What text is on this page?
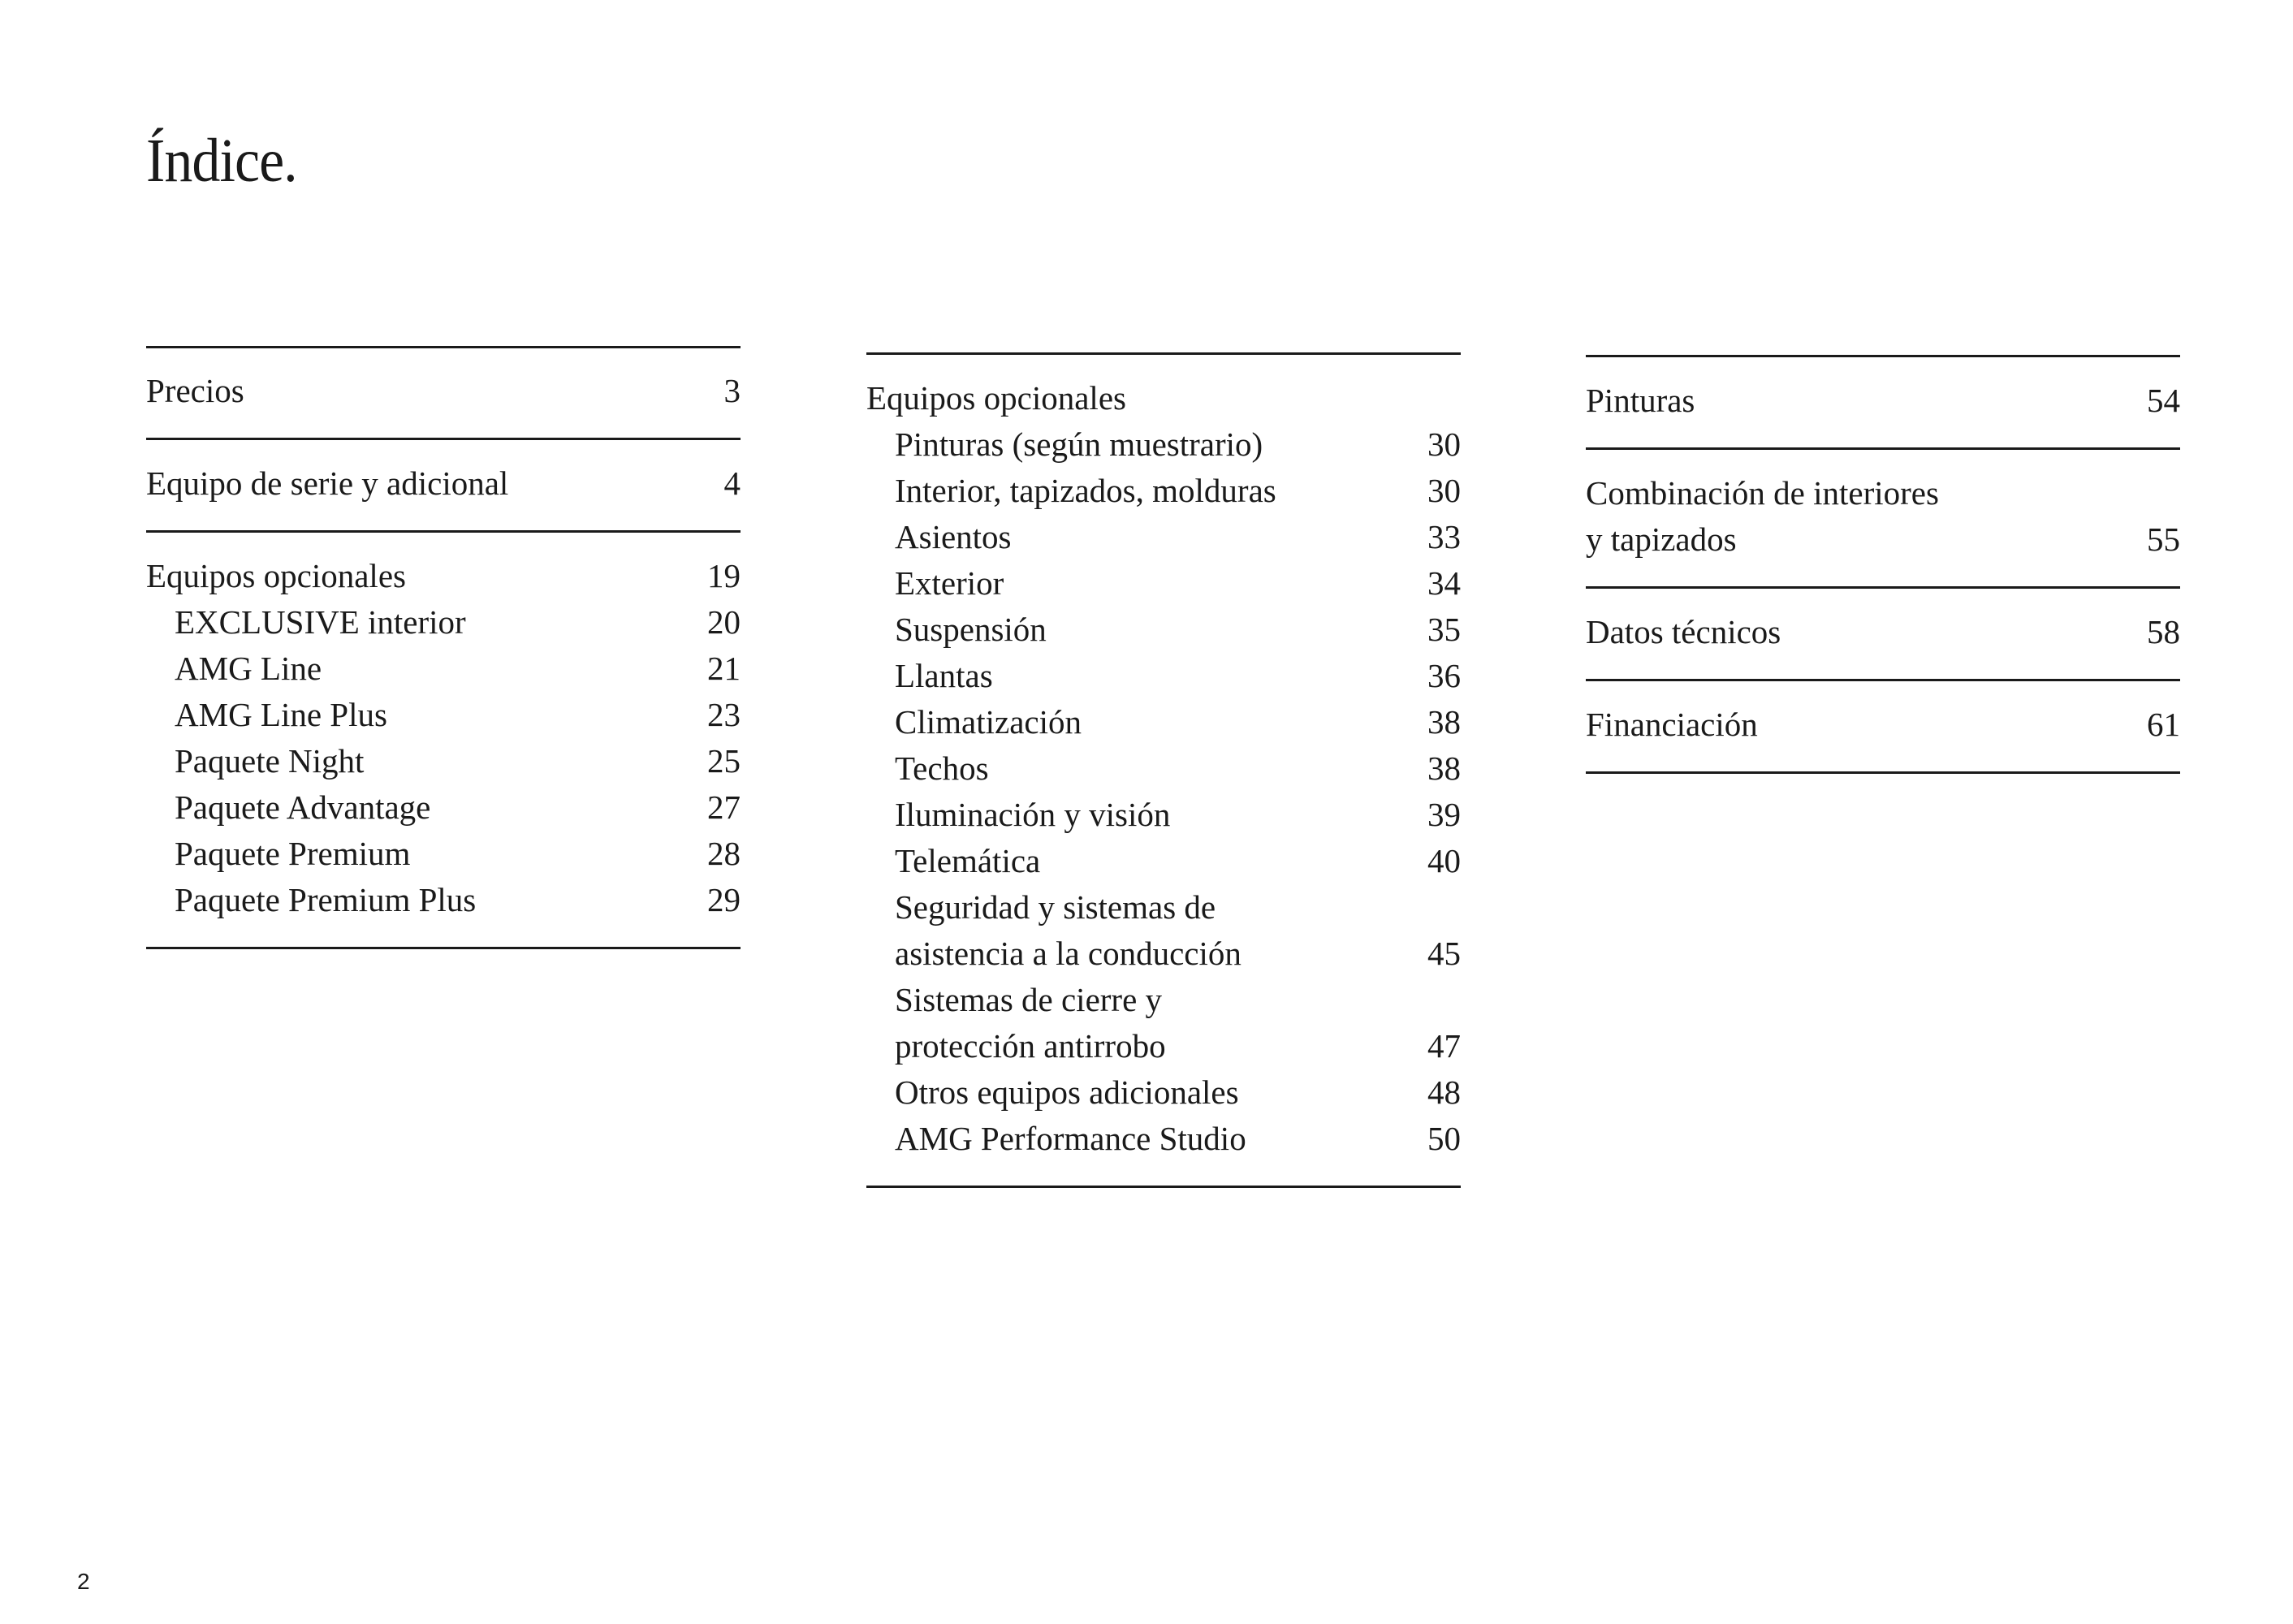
Índice.
Precios	3
Equipo de serie y adicional	4
Equipos opcionales	19
EXCLUSIVE interior	20
AMG Line	21
AMG Line Plus	23
Paquete Night	25
Paquete Advantage	27
Paquete Premium	28
Paquete Premium Plus	29
Equipos opcionales
Pinturas (según muestrario)	30
Interior, tapizados, molduras	30
Asientos	33
Exterior	34
Suspensión	35
Llantas	36
Climatización	38
Techos	38
Iluminación y visión	39
Telemática	40
Seguridad y sistemas de
asistencia a la conducción	45
Sistemas de cierre y
protección antirrobo	47
Otros equipos adicionales	48
AMG Performance Studio	50
Pinturas	54
Combinación de interiores
y tapizados	55
Datos técnicos	58
Financiación	61
2
